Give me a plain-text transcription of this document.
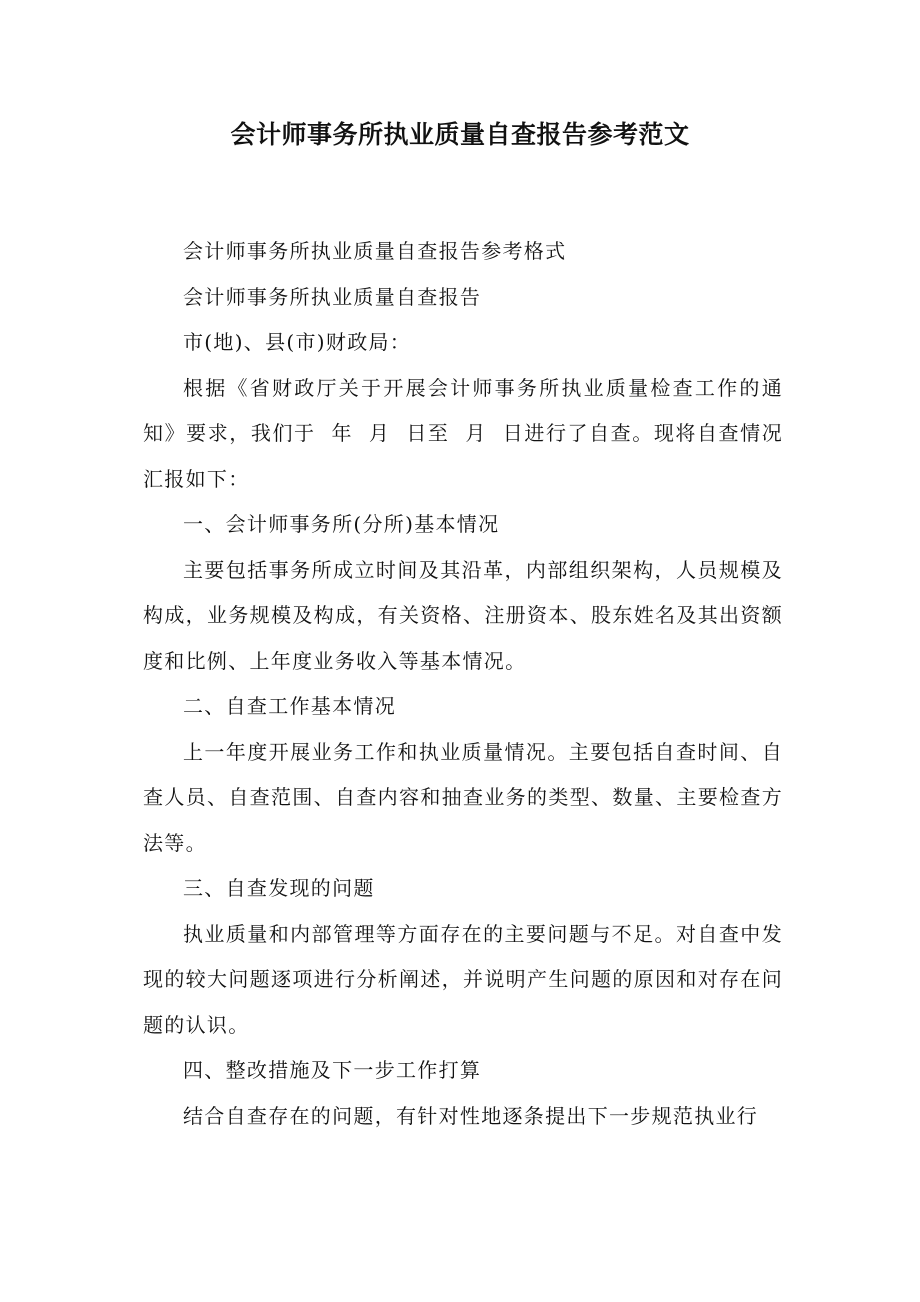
会计师事务所执业质量自查报告参考范文

会计师事务所执业质量自查报告参考格式

会计师事务所执业质量自查报告

市(地)、县(市)财政局：

根据《省财政厅关于开展会计师事务所执业质量检查工作的通知》要求，我们于  年  月  日至  月  日进行了自查。现将自查情况汇报如下：

一、会计师事务所(分所)基本情况

主要包括事务所成立时间及其沿革，内部组织架构，人员规模及构成，业务规模及构成，有关资格、注册资本、股东姓名及其出资额度和比例、上年度业务收入等基本情况。

二、自查工作基本情况

上一年度开展业务工作和执业质量情况。主要包括自查时间、自查人员、自查范围、自查内容和抽查业务的类型、数量、主要检查方法等。

三、自查发现的问题

执业质量和内部管理等方面存在的主要问题与不足。对自查中发现的较大问题逐项进行分析阐述，并说明产生问题的原因和对存在问题的认识。

四、整改措施及下一步工作打算

结合自查存在的问题，有针对性地逐条提出下一步规范执业行
